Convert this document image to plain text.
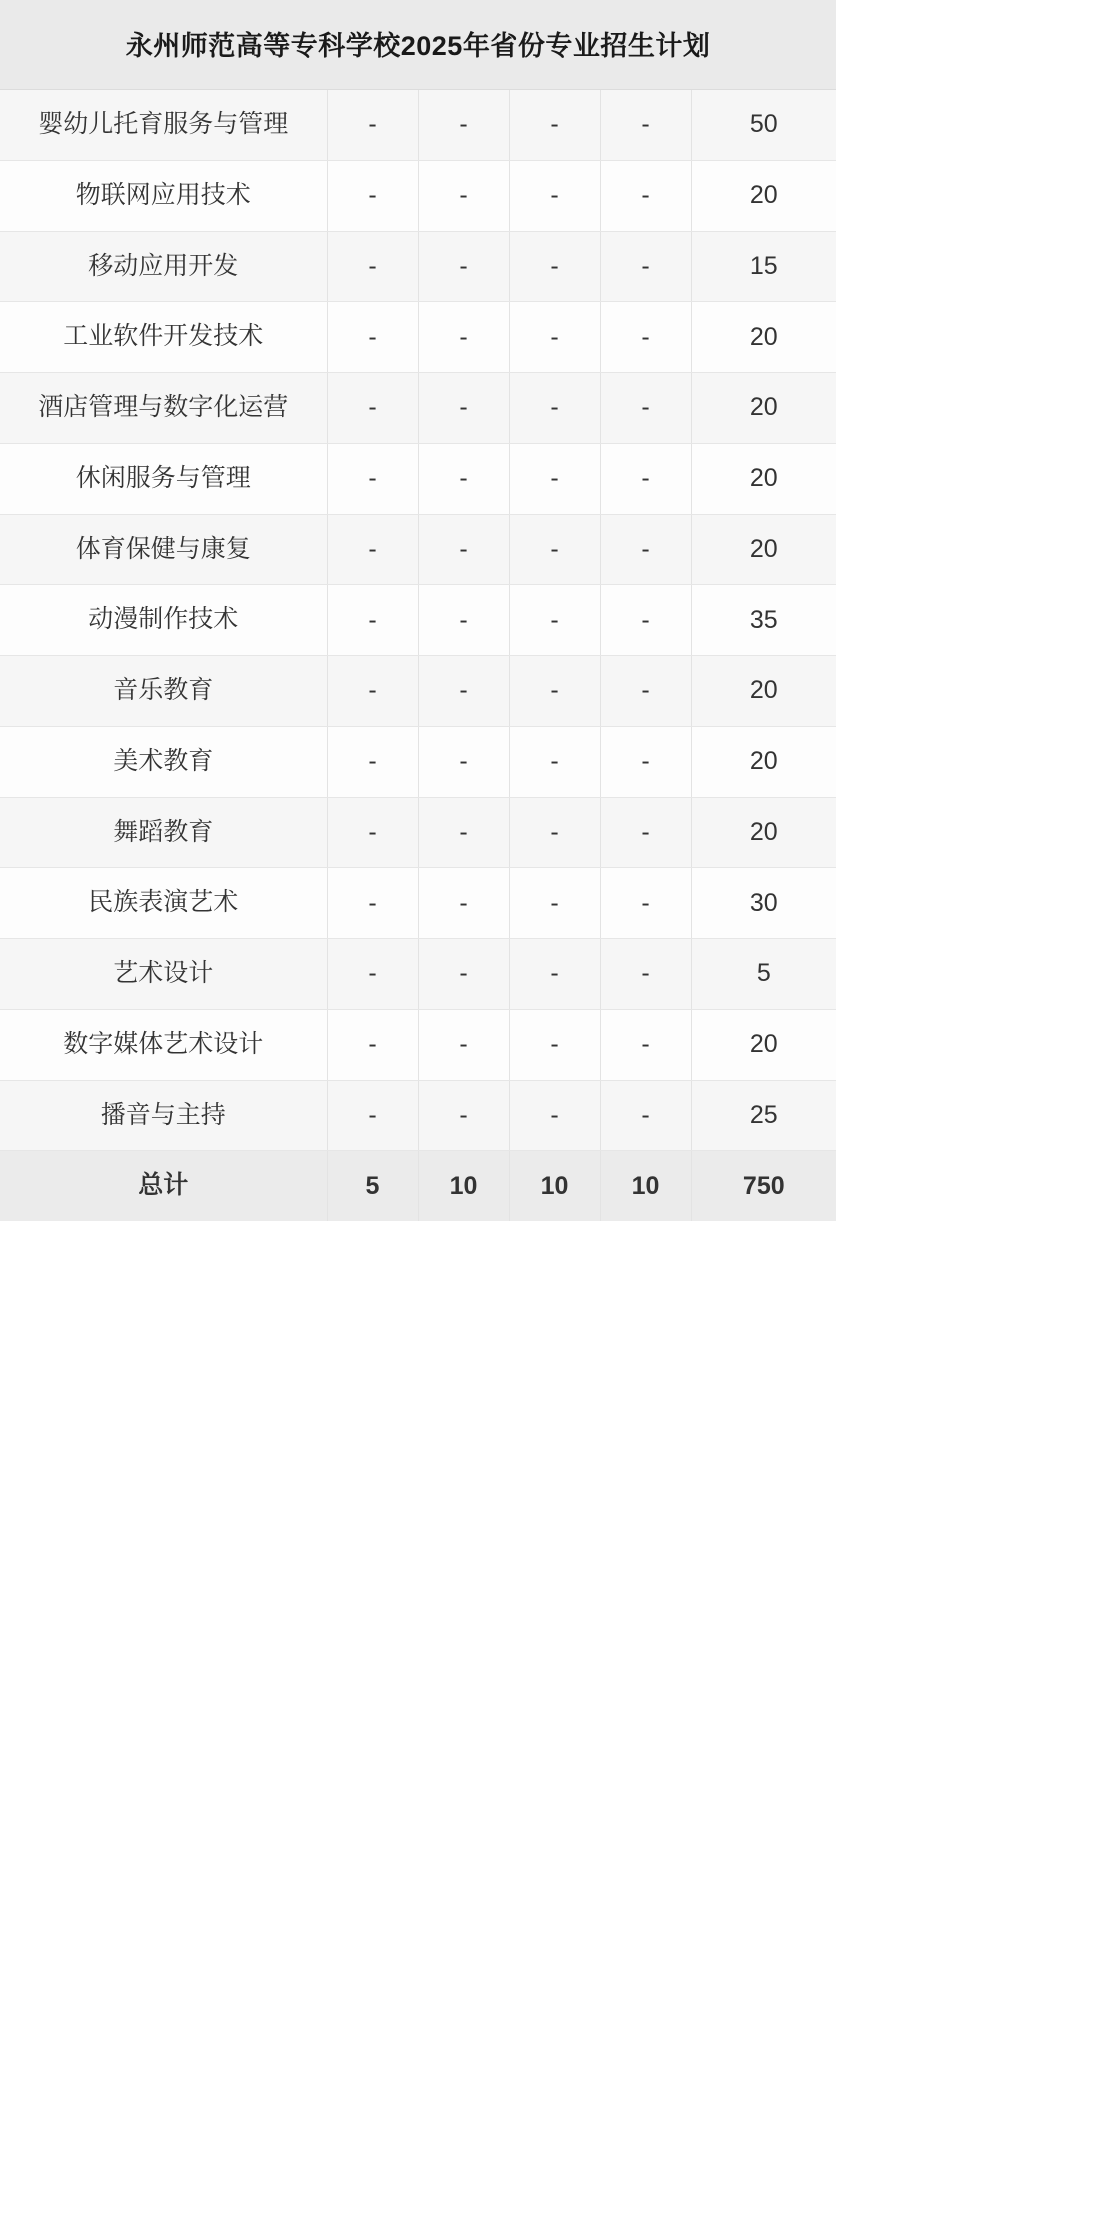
永州师范高等专科学校2025年省份专业招生计划					
婴幼儿托育服务与管理	-	-	-	-	50
物联网应用技术	-	-	-	-	20
移动应用开发	-	-	-	-	15
工业软件开发技术	-	-	-	-	20
酒店管理与数字化运营	-	-	-	-	20
休闲服务与管理	-	-	-	-	20
体育保健与康复	-	-	-	-	20
动漫制作技术	-	-	-	-	35
音乐教育	-	-	-	-	20
美术教育	-	-	-	-	20
舞蹈教育	-	-	-	-	20
民族表演艺术	-	-	-	-	30
艺术设计	-	-	-	-	5
数字媒体艺术设计	-	-	-	-	20
播音与主持	-	-	-	-	25
总计	5	10	10	10	750
